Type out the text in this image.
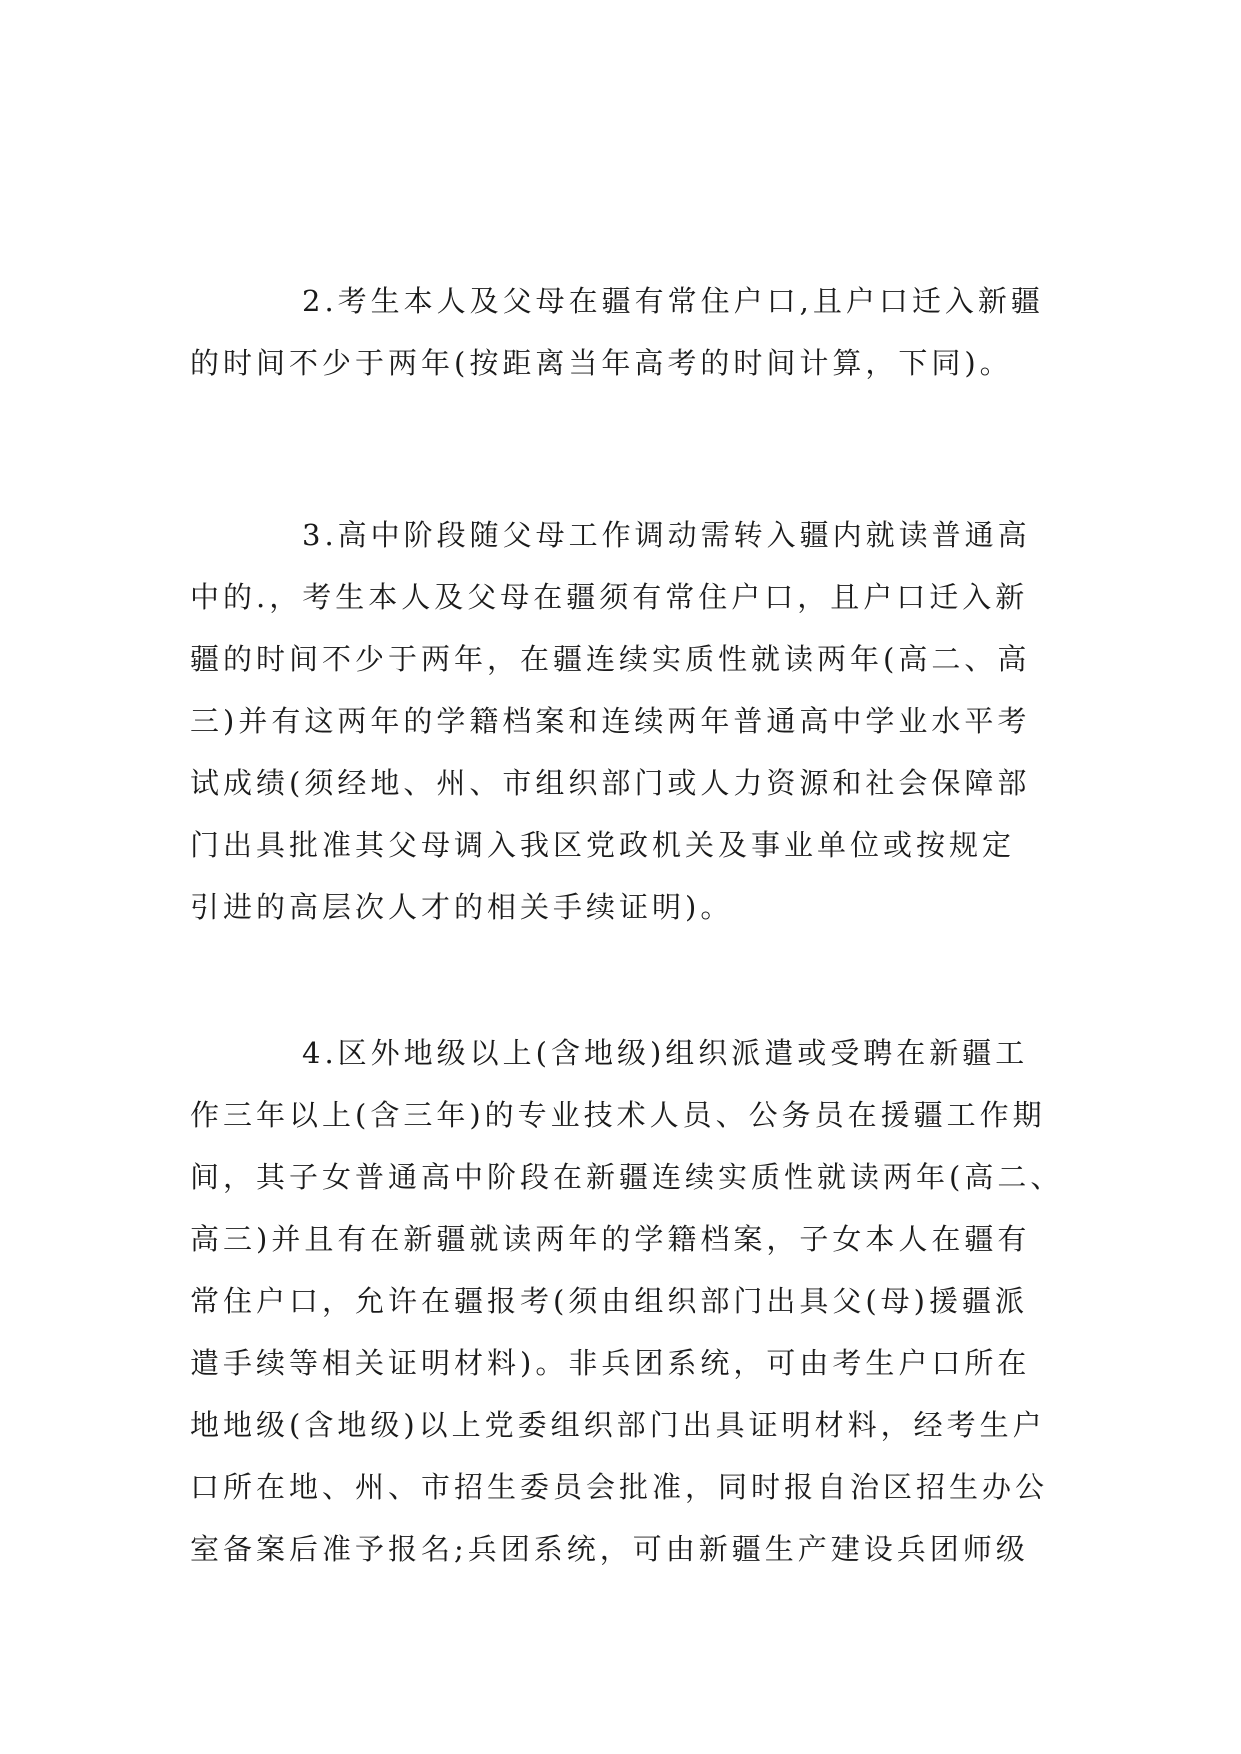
2.考生本人及父母在疆有常住户口,且户口迁入新疆
的时间不少于两年(按距离当年高考的时间计算，下同)。
3.高中阶段随父母工作调动需转入疆内就读普通高
中的.，考生本人及父母在疆须有常住户口，且户口迁入新
疆的时间不少于两年，在疆连续实质性就读两年(高二、高
三)并有这两年的学籍档案和连续两年普通高中学业水平考
试成绩(须经地、州、市组织部门或人力资源和社会保障部
门出具批准其父母调入我区党政机关及事业单位或按规定
引进的高层次人才的相关手续证明)。
4.区外地级以上(含地级)组织派遣或受聘在新疆工
作三年以上(含三年)的专业技术人员、公务员在援疆工作期
间，其子女普通高中阶段在新疆连续实质性就读两年(高二、
高三)并且有在新疆就读两年的学籍档案，子女本人在疆有
常住户口，允许在疆报考(须由组织部门出具父(母)援疆派
遣手续等相关证明材料)。非兵团系统，可由考生户口所在
地地级(含地级)以上党委组织部门出具证明材料，经考生户
口所在地、州、市招生委员会批准，同时报自治区招生办公
室备案后准予报名;兵团系统，可由新疆生产建设兵团师级
